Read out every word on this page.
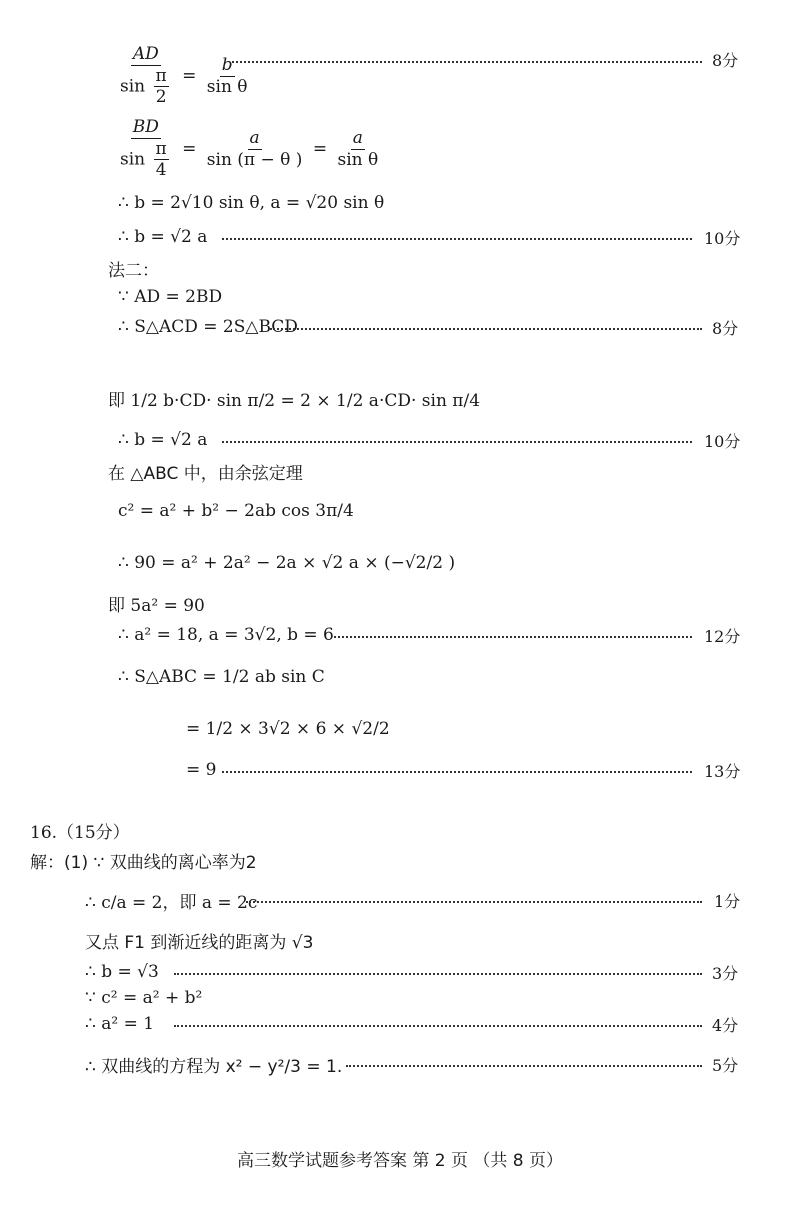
$\frac{AD}{\sin \frac{\pi}{2}} = \frac{b}{\text{sin θ}}$	8分
$\frac{BD}{\sin \frac{\pi}{4}} = \frac{a}{\sin (\pi - \theta )} = \frac{a}{\text{sin θ}}$
∴ b = 2√10 sin θ, a = √20 sin θ
∴ b = √2 a	10分
法二：
∵ AD = 2BD
∴ S△ACD = 2S△BCD	8分
即 1/2 b·CD· sin π/2 = 2 × 1/2 a·CD· sin π/4
∴ b = √2 a	10分
在 △ABC 中，由余弦定理
c² = a² + b² − 2ab cos 3π/4
∴ 90 = a² + 2a² − 2a × √2 a × (−√2/2 )
即 5a² = 90
∴ a² = 18, a = 3√2, b = 6	12分
∴ S△ABC = 1/2 ab sin C
= 1/2 × 3√2 × 6 × √2/2
= 9	13分
16.（15分）
解：(1) ∵ 双曲线的离心率为2
∴ c/a = 2，即 a = 2c	1分
又点 F1 到渐近线的距离为 √3
∴ b = √3	3分
∵ c² = a² + b²
∴ a² = 1	4分
∴ 双曲线的方程为 x² − y²/3 = 1.	5分
高三数学试题参考答案 第 2 页 （共 8 页）
